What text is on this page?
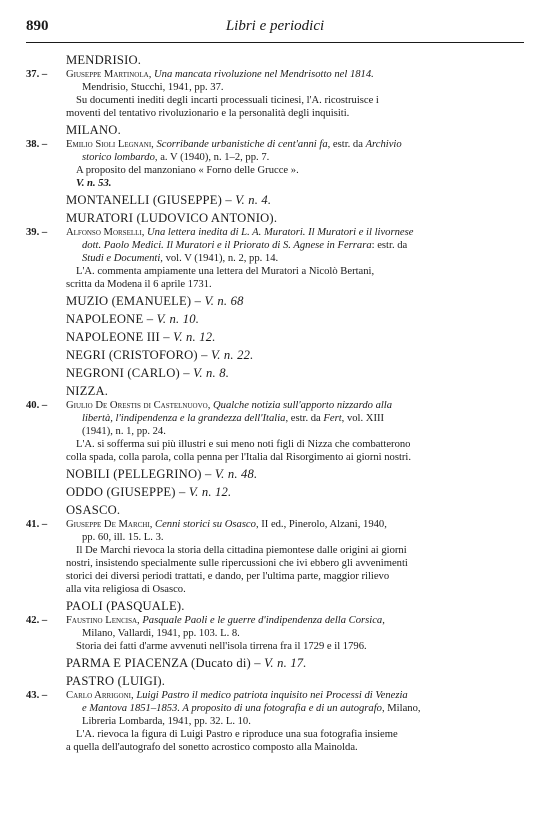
890	Libri e periodici
MENDRISIO.
37. – Giuseppe Martinola, Una mancata rivoluzione nel Mendrisotto nel 1814.
Mendrisio, Stucchi, 1941, pp. 37.
Su documenti inediti degli incarti processuali ticinesi, l'A. ricostruisce i
moventi del tentativo rivoluzionario e la personalità degli inquisiti.
MILANO.
38. – Emilio Sioli Legnani, Scorribande urbanistiche di cent'anni fa, estr. da Archivio
storico lombardo, a. V (1940), n. 1–2, pp. 7.
A proposito del manzoniano « Forno delle Grucce ».
V. n. 53.
MONTANELLI (GIUSEPPE) – V. n. 4.
MURATORI (LUDOVICO ANTONIO).
39. – Alfonso Morselli, Una lettera inedita di L. A. Muratori. Il Muratori e il livornese
dott. Paolo Medici. Il Muratori e il Priorato di S. Agnese in Ferrara: estr. da
Studi e Documenti, vol. V (1941), n. 2, pp. 14.
L'A. commenta ampiamente una lettera del Muratori a Nicolò Bertani,
scritta da Modena il 6 aprile 1731.
MUZIO (EMANUELE) – V. n. 68
NAPOLEONE – V. n. 10.
NAPOLEONE III – V. n. 12.
NEGRI (CRISTOFORO) – V. n. 22.
NEGRONI (CARLO) – V. n. 8.
NIZZA.
40. – Giulio De Orestis di Castelnuovo, Qualche notizia sull'apporto nizzardo alla
libertà, l'indipendenza e la grandezza dell'Italia, estr. da Fert, vol. XIII
(1941), n. 1, pp. 24.
L'A. si sofferma sui più illustri e sui meno noti figli di Nizza che combatterono
colla spada, colla parola, colla penna per l'Italia dal Risorgimento ai giorni nostri.
NOBILI (PELLEGRINO) – V. n. 48.
ODDO (GIUSEPPE) – V. n. 12.
OSASCO.
41. – Giuseppe De Marchi, Cenni storici su Osasco, II ed., Pinerolo, Alzani, 1940,
pp. 60, ill. 15. L. 3.
Il De Marchi rievoca la storia della cittadina piemontese dalle origini ai giorni
nostri, insistendo specialmente sulle ripercussioni che ivi ebbero gli avvenimenti
storici dei diversi periodi trattati, e dando, per l'ultima parte, maggior rilievo
alla vita religiosa di Osasco.
PAOLI (PASQUALE).
42. – Faustino Lencisa, Pasquale Paoli e le guerre d'indipendenza della Corsica,
Milano, Vallardi, 1941, pp. 103. L. 8.
Storia dei fatti d'arme avvenuti nell'isola tirrena fra il 1729 e il 1796.
PARMA E PIACENZA (Ducato di) – V. n. 17.
PASTRO (LUIGI).
43. – Carlo Arrigoni, Luigi Pastro il medico patriota inquisito nei Processi di Venezia
e Mantova 1851–1853. A proposito di una fotografia e di un autografo, Milano,
Libreria Lombarda, 1941, pp. 32. L. 10.
L'A. rievoca la figura di Luigi Pastro e riproduce una sua fotografia insieme
a quella dell'autografo del sonetto acrostico composto alla Mainolda.
